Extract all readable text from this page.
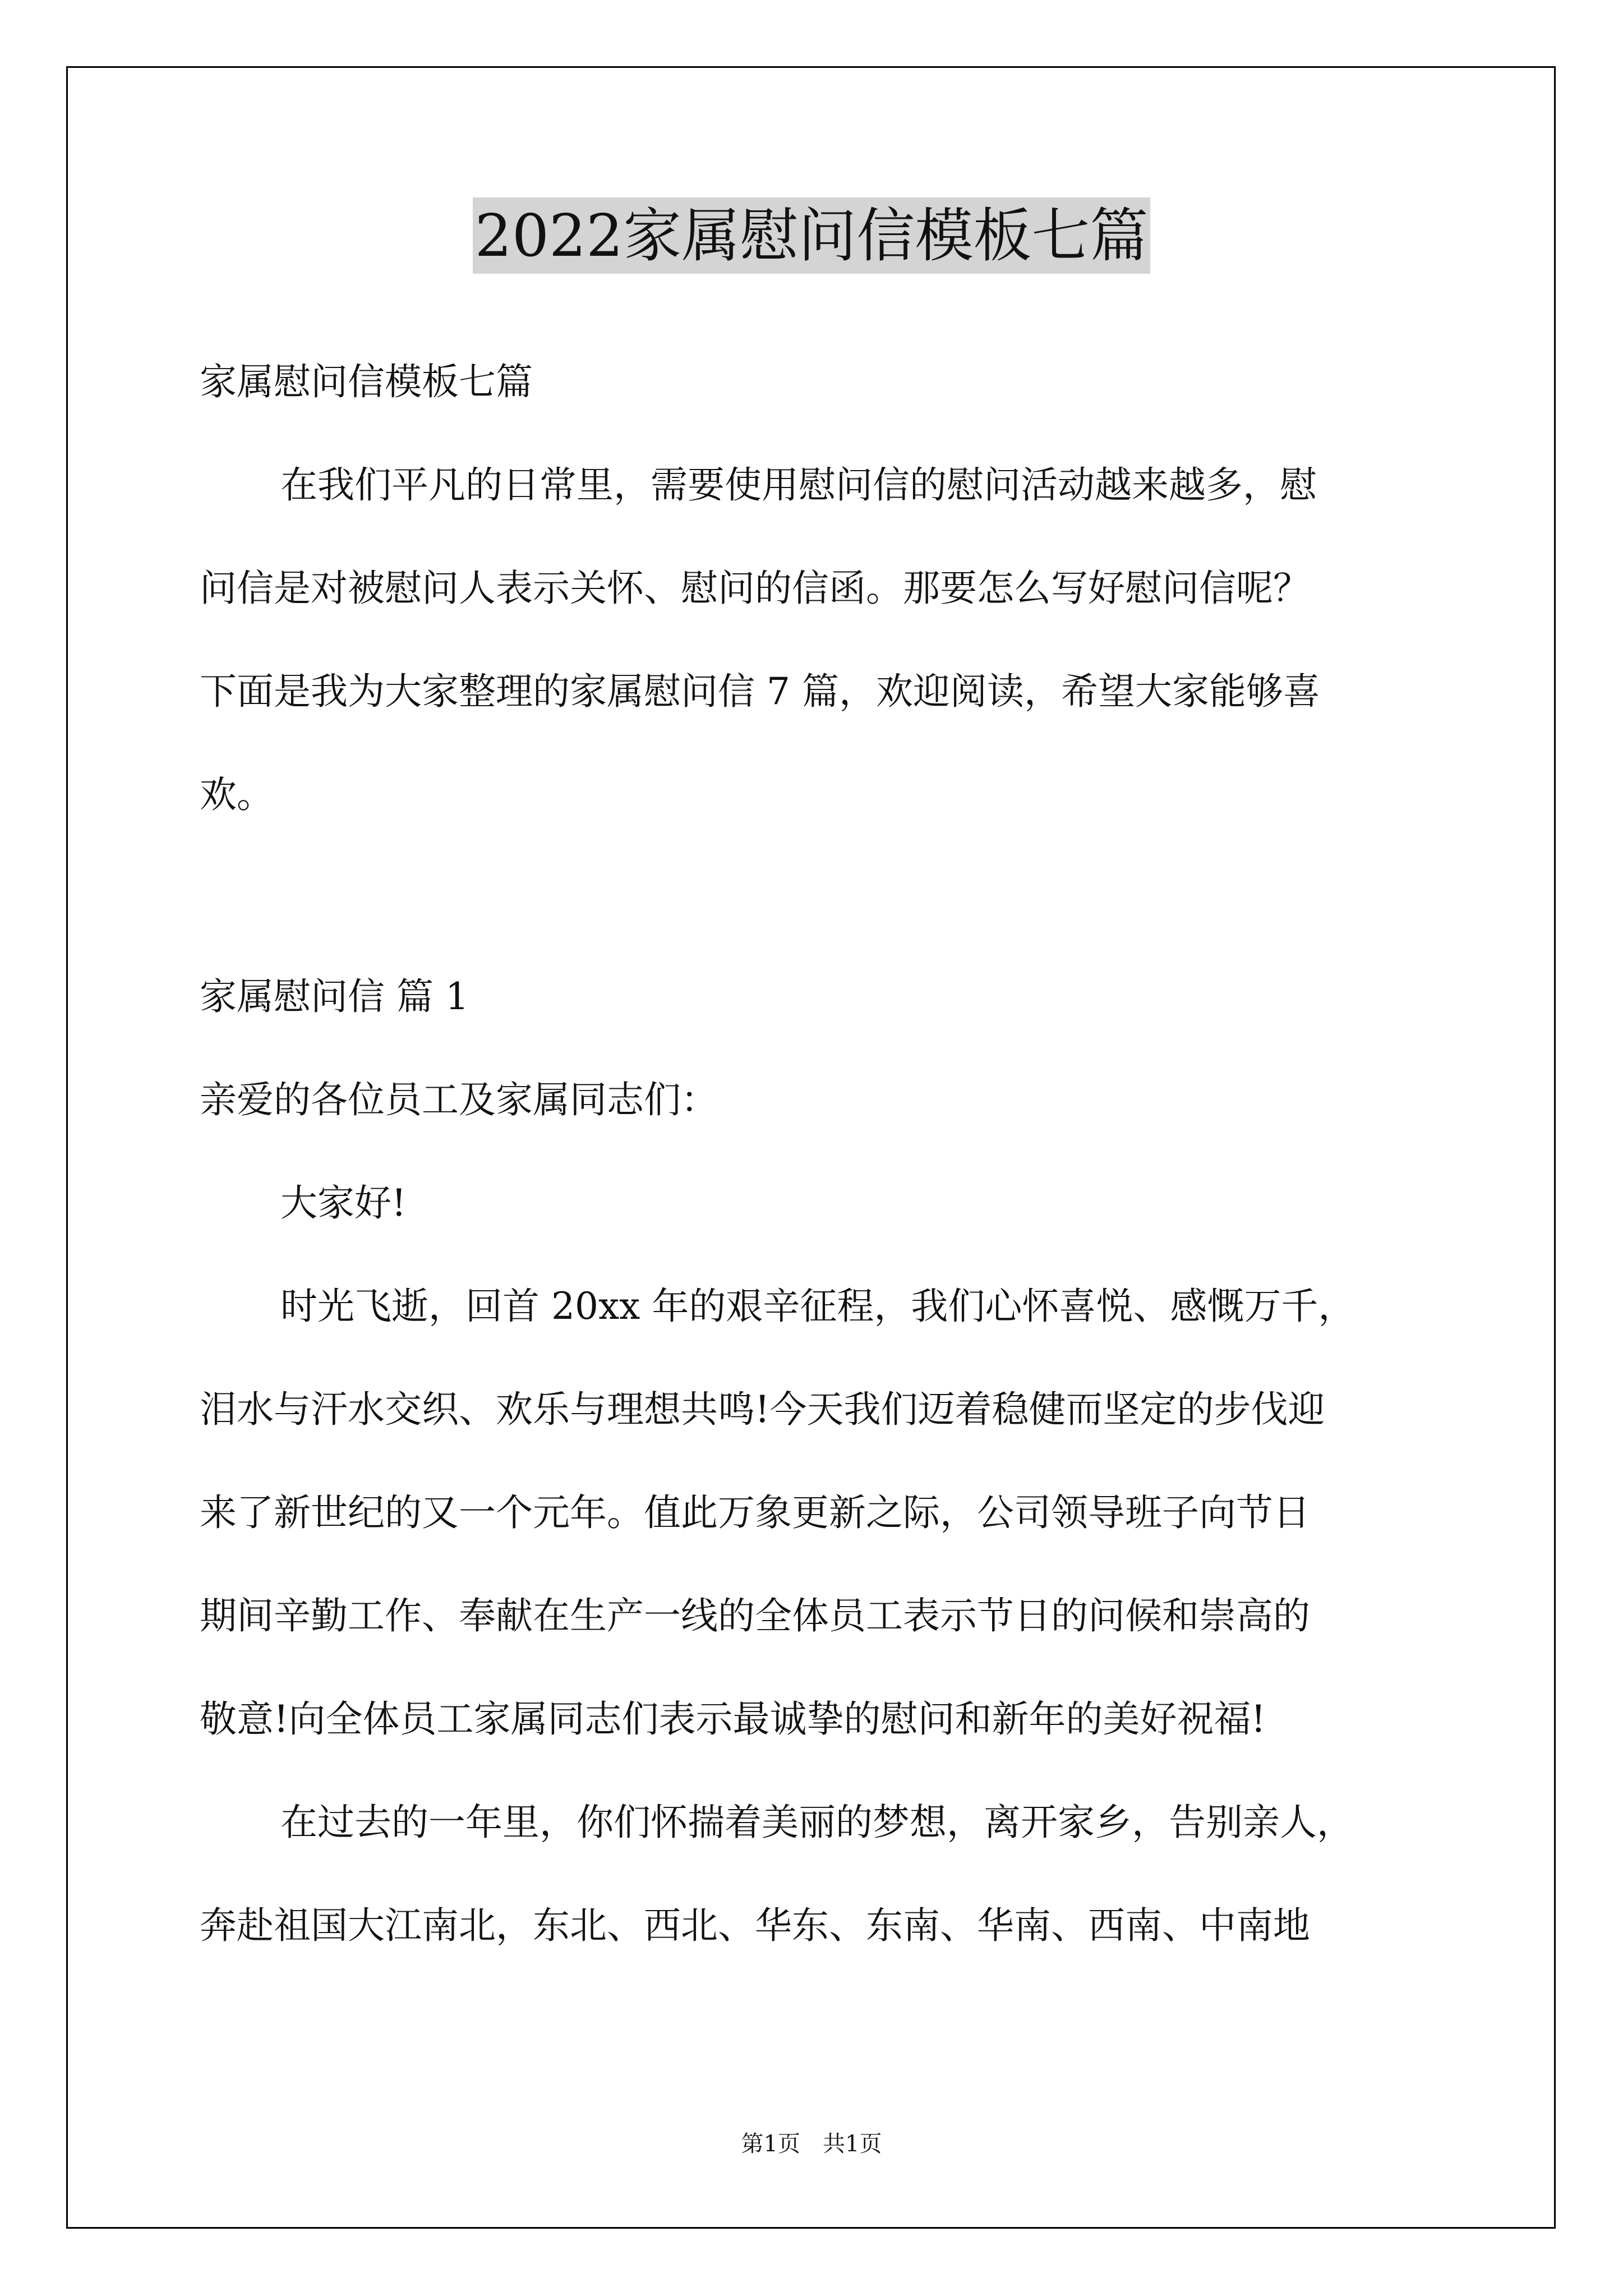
2022家属慰问信模板七篇
家属慰问信模板七篇
在我们平凡的日常里，需要使用慰问信的慰问活动越来越多，慰
问信是对被慰问人表示关怀、慰问的信函。那要怎么写好慰问信呢？
下面是我为大家整理的家属慰问信 7 篇，欢迎阅读，希望大家能够喜
欢。
家属慰问信 篇 1
亲爱的各位员工及家属同志们：
大家好!
时光飞逝，回首 20xx 年的艰辛征程，我们心怀喜悦、感慨万千，
泪水与汗水交织、欢乐与理想共鸣!今天我们迈着稳健而坚定的步伐迎
来了新世纪的又一个元年。值此万象更新之际，公司领导班子向节日
期间辛勤工作、奉献在生产一线的全体员工表示节日的问候和崇高的
敬意!向全体员工家属同志们表示最诚挚的慰问和新年的美好祝福!
在过去的一年里，你们怀揣着美丽的梦想，离开家乡，告别亲人，
奔赴祖国大江南北，东北、西北、华东、东南、华南、西南、中南地
第1页　共1页
